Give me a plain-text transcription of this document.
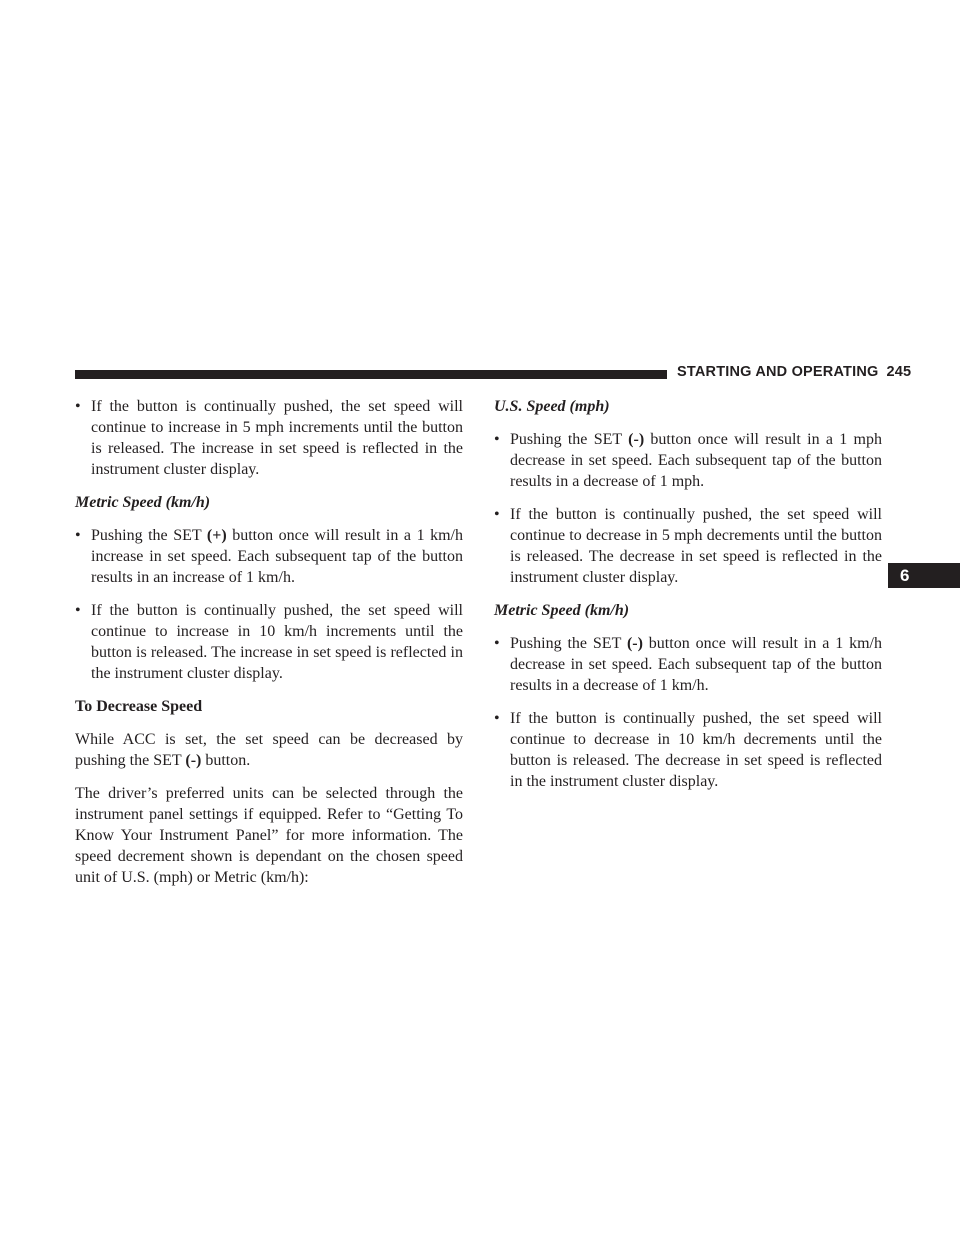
STARTING AND OPERATING 245

• If the button is continually pushed, the set speed will continue to increase in 5 mph increments until the button is released. The increase in set speed is reflected in the instrument cluster display.

Metric Speed (km/h)

• Pushing the SET (+) button once will result in a 1 km/h increase in set speed. Each subsequent tap of the button results in an increase of 1 km/h.

• If the button is continually pushed, the set speed will continue to increase in 10 km/h increments until the button is released. The increase in set speed is reflected in the instrument cluster display.

To Decrease Speed

While ACC is set, the set speed can be decreased by pushing the SET (-) button.

The driver’s preferred units can be selected through the instrument panel settings if equipped. Refer to “Getting To Know Your Instrument Panel” for more information. The speed decrement shown is dependant on the chosen speed unit of U.S. (mph) or Metric (km/h):

U.S. Speed (mph)

• Pushing the SET (-) button once will result in a 1 mph decrease in set speed. Each subsequent tap of the button results in a decrease of 1 mph.

• If the button is continually pushed, the set speed will continue to decrease in 5 mph decrements until the button is released. The decrease in set speed is reflected in the instrument cluster display.

Metric Speed (km/h)

• Pushing the SET (-) button once will result in a 1 km/h decrease in set speed. Each subsequent tap of the button results in a decrease of 1 km/h.

• If the button is continually pushed, the set speed will continue to decrease in 10 km/h decrements until the button is released. The decrease in set speed is reflected in the instrument cluster display.

6
